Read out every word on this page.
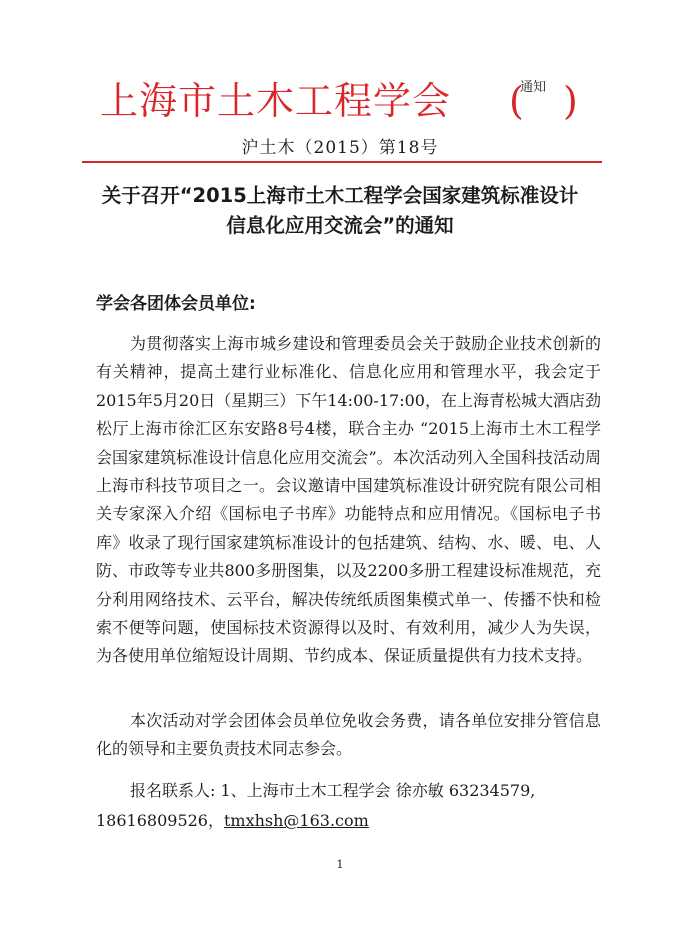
上海市土木工程学会 (
通知 )
沪土木（2015）第18号
关于召开“2015上海市土木工程学会国家建筑标准设计
信息化应用交流会”的通知
学会各团体会员单位:

为贯彻落实上海市城乡建设和管理委员会关于鼓励企业技术创新的有关精神，提高土建行业标准化、信息化应用和管理水平，我会定于2015年5月20日（星期三）下午14:00-17:00，在上海青松城大酒店劲松厅上海市徐汇区东安路8号4楼，联合主办 “2015上海市土木工程学会国家建筑标准设计信息化应用交流会”。本次活动列入全国科技活动周上海市科技节项目之一。会议邀请中国建筑标准设计研究院有限公司相关专家深入介绍《国标电子书库》功能特点和应用情况。《国标电子书库》收录了现行国家建筑标准设计的包括建筑、结构、水、暖、电、人防、市政等专业共800多册图集，以及2200多册工程建设标准规范，充分利用网络技术、云平台，解决传统纸质图集模式单一、传播不快和检索不便等问题，使国标技术资源得以及时、有效利用，减少人为失误，为各使用单位缩短设计周期、节约成本、保证质量提供有力技术支持。

本次活动对学会团体会员单位免收会务费，请各单位安排分管信息化的领导和主要负责技术同志参会。

报名联系人: 1、上海市土木工程学会 徐亦敏 63234579,
18616809526，tmxhsh@163.com
1
